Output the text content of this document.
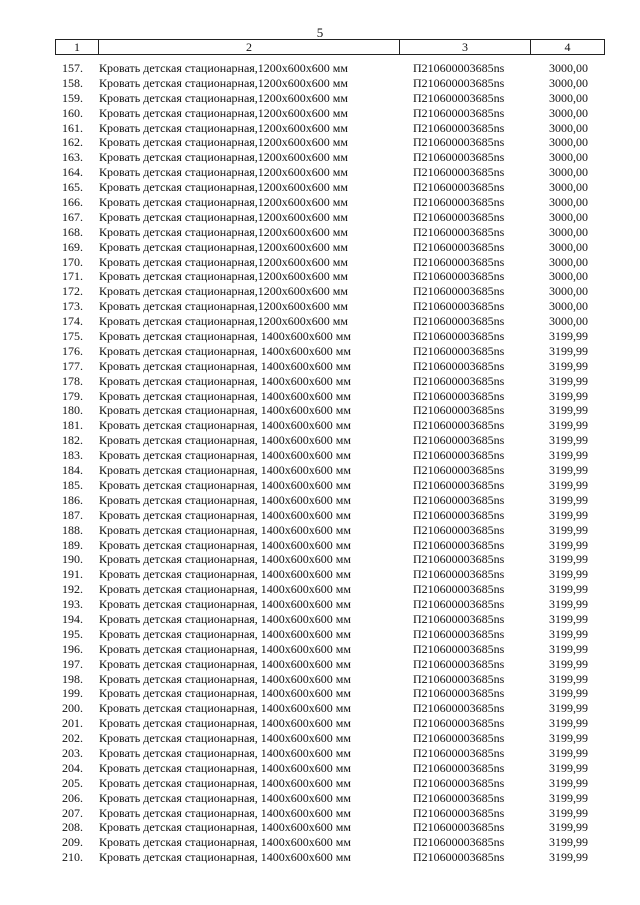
5
1	2	3	4
157. Кровать детская стационарная,1200x600x600 мм	П210600003685ns	3000,00
158. Кровать детская стационарная,1200x600x600 мм	П210600003685ns	3000,00
159. Кровать детская стационарная,1200x600x600 мм	П210600003685ns	3000,00
160. Кровать детская стационарная,1200x600x600 мм	П210600003685ns	3000,00
161. Кровать детская стационарная,1200x600x600 мм	П210600003685ns	3000,00
162. Кровать детская стационарная,1200x600x600 мм	П210600003685ns	3000,00
163. Кровать детская стационарная,1200x600x600 мм	П210600003685ns	3000,00
164. Кровать детская стационарная,1200x600x600 мм	П210600003685ns	3000,00
165. Кровать детская стационарная,1200x600x600 мм	П210600003685ns	3000,00
166. Кровать детская стационарная,1200x600x600 мм	П210600003685ns	3000,00
167. Кровать детская стационарная,1200x600x600 мм	П210600003685ns	3000,00
168. Кровать детская стационарная,1200x600x600 мм	П210600003685ns	3000,00
169. Кровать детская стационарная,1200x600x600 мм	П210600003685ns	3000,00
170. Кровать детская стационарная,1200x600x600 мм	П210600003685ns	3000,00
171. Кровать детская стационарная,1200x600x600 мм	П210600003685ns	3000,00
172. Кровать детская стационарная,1200x600x600 мм	П210600003685ns	3000,00
173. Кровать детская стационарная,1200x600x600 мм	П210600003685ns	3000,00
174. Кровать детская стационарная,1200x600x600 мм	П210600003685ns	3000,00
175. Кровать детская стационарная, 1400x600x600 мм	П210600003685ns	3199,99
176. Кровать детская стационарная, 1400x600x600 мм	П210600003685ns	3199,99
177. Кровать детская стационарная, 1400x600x600 мм	П210600003685ns	3199,99
178. Кровать детская стационарная, 1400x600x600 мм	П210600003685ns	3199,99
179. Кровать детская стационарная, 1400x600x600 мм	П210600003685ns	3199,99
180. Кровать детская стационарная, 1400x600x600 мм	П210600003685ns	3199,99
181. Кровать детская стационарная, 1400x600x600 мм	П210600003685ns	3199,99
182. Кровать детская стационарная, 1400x600x600 мм	П210600003685ns	3199,99
183. Кровать детская стационарная, 1400x600x600 мм	П210600003685ns	3199,99
184. Кровать детская стационарная, 1400x600x600 мм	П210600003685ns	3199,99
185. Кровать детская стационарная, 1400x600x600 мм	П210600003685ns	3199,99
186. Кровать детская стационарная, 1400x600x600 мм	П210600003685ns	3199,99
187. Кровать детская стационарная, 1400x600x600 мм	П210600003685ns	3199,99
188. Кровать детская стационарная, 1400x600x600 мм	П210600003685ns	3199,99
189. Кровать детская стационарная, 1400x600x600 мм	П210600003685ns	3199,99
190. Кровать детская стационарная, 1400x600x600 мм	П210600003685ns	3199,99
191. Кровать детская стационарная, 1400x600x600 мм	П210600003685ns	3199,99
192. Кровать детская стационарная, 1400x600x600 мм	П210600003685ns	3199,99
193. Кровать детская стационарная, 1400x600x600 мм	П210600003685ns	3199,99
194. Кровать детская стационарная, 1400x600x600 мм	П210600003685ns	3199,99
195. Кровать детская стационарная, 1400x600x600 мм	П210600003685ns	3199,99
196. Кровать детская стационарная, 1400x600x600 мм	П210600003685ns	3199,99
197. Кровать детская стационарная, 1400x600x600 мм	П210600003685ns	3199,99
198. Кровать детская стационарная, 1400x600x600 мм	П210600003685ns	3199,99
199. Кровать детская стационарная, 1400x600x600 мм	П210600003685ns	3199,99
200. Кровать детская стационарная, 1400x600x600 мм	П210600003685ns	3199,99
201. Кровать детская стационарная, 1400x600x600 мм	П210600003685ns	3199,99
202. Кровать детская стационарная, 1400x600x600 мм	П210600003685ns	3199,99
203. Кровать детская стационарная, 1400x600x600 мм	П210600003685ns	3199,99
204. Кровать детская стационарная, 1400x600x600 мм	П210600003685ns	3199,99
205. Кровать детская стационарная, 1400x600x600 мм	П210600003685ns	3199,99
206. Кровать детская стационарная, 1400x600x600 мм	П210600003685ns	3199,99
207. Кровать детская стационарная, 1400x600x600 мм	П210600003685ns	3199,99
208. Кровать детская стационарная, 1400x600x600 мм	П210600003685ns	3199,99
209. Кровать детская стационарная, 1400x600x600 мм	П210600003685ns	3199,99
210. Кровать детская стационарная, 1400x600x600 мм	П210600003685ns	3199,99
